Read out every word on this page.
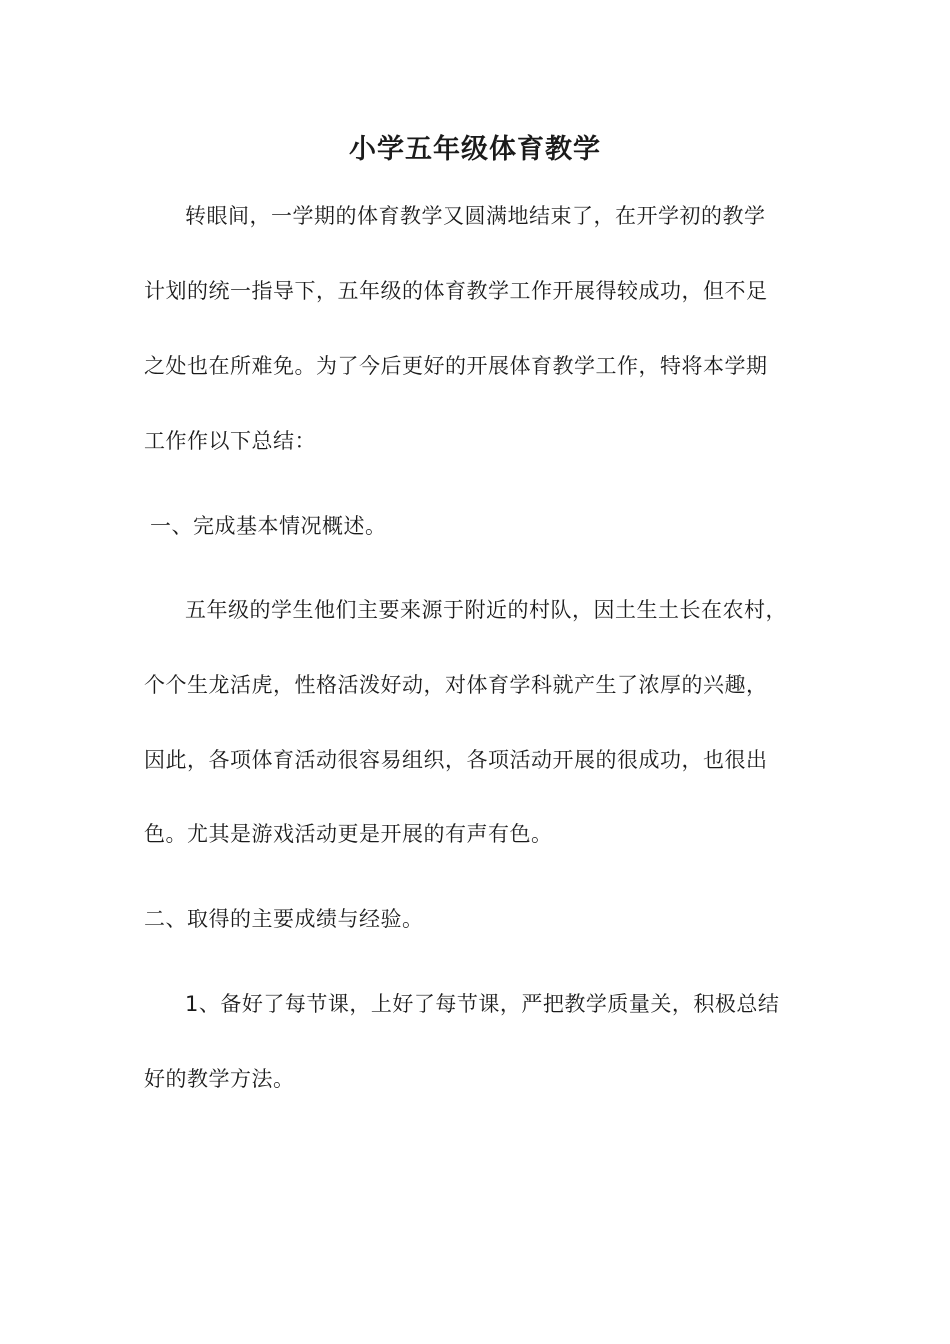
小学五年级体育教学
转眼间，一学期的体育教学又圆满地结束了，在开学初的教学
计划的统一指导下，五年级的体育教学工作开展得较成功，但不足
之处也在所难免。为了今后更好的开展体育教学工作，特将本学期
工作作以下总结：
一、完成基本情况概述。
五年级的学生他们主要来源于附近的村队，因土生土长在农村，
个个生龙活虎，性格活泼好动，对体育学科就产生了浓厚的兴趣，
因此，各项体育活动很容易组织，各项活动开展的很成功，也很出
色。尤其是游戏活动更是开展的有声有色。
二、取得的主要成绩与经验。
1、备好了每节课，上好了每节课，严把教学质量关，积极总结
好的教学方法。
